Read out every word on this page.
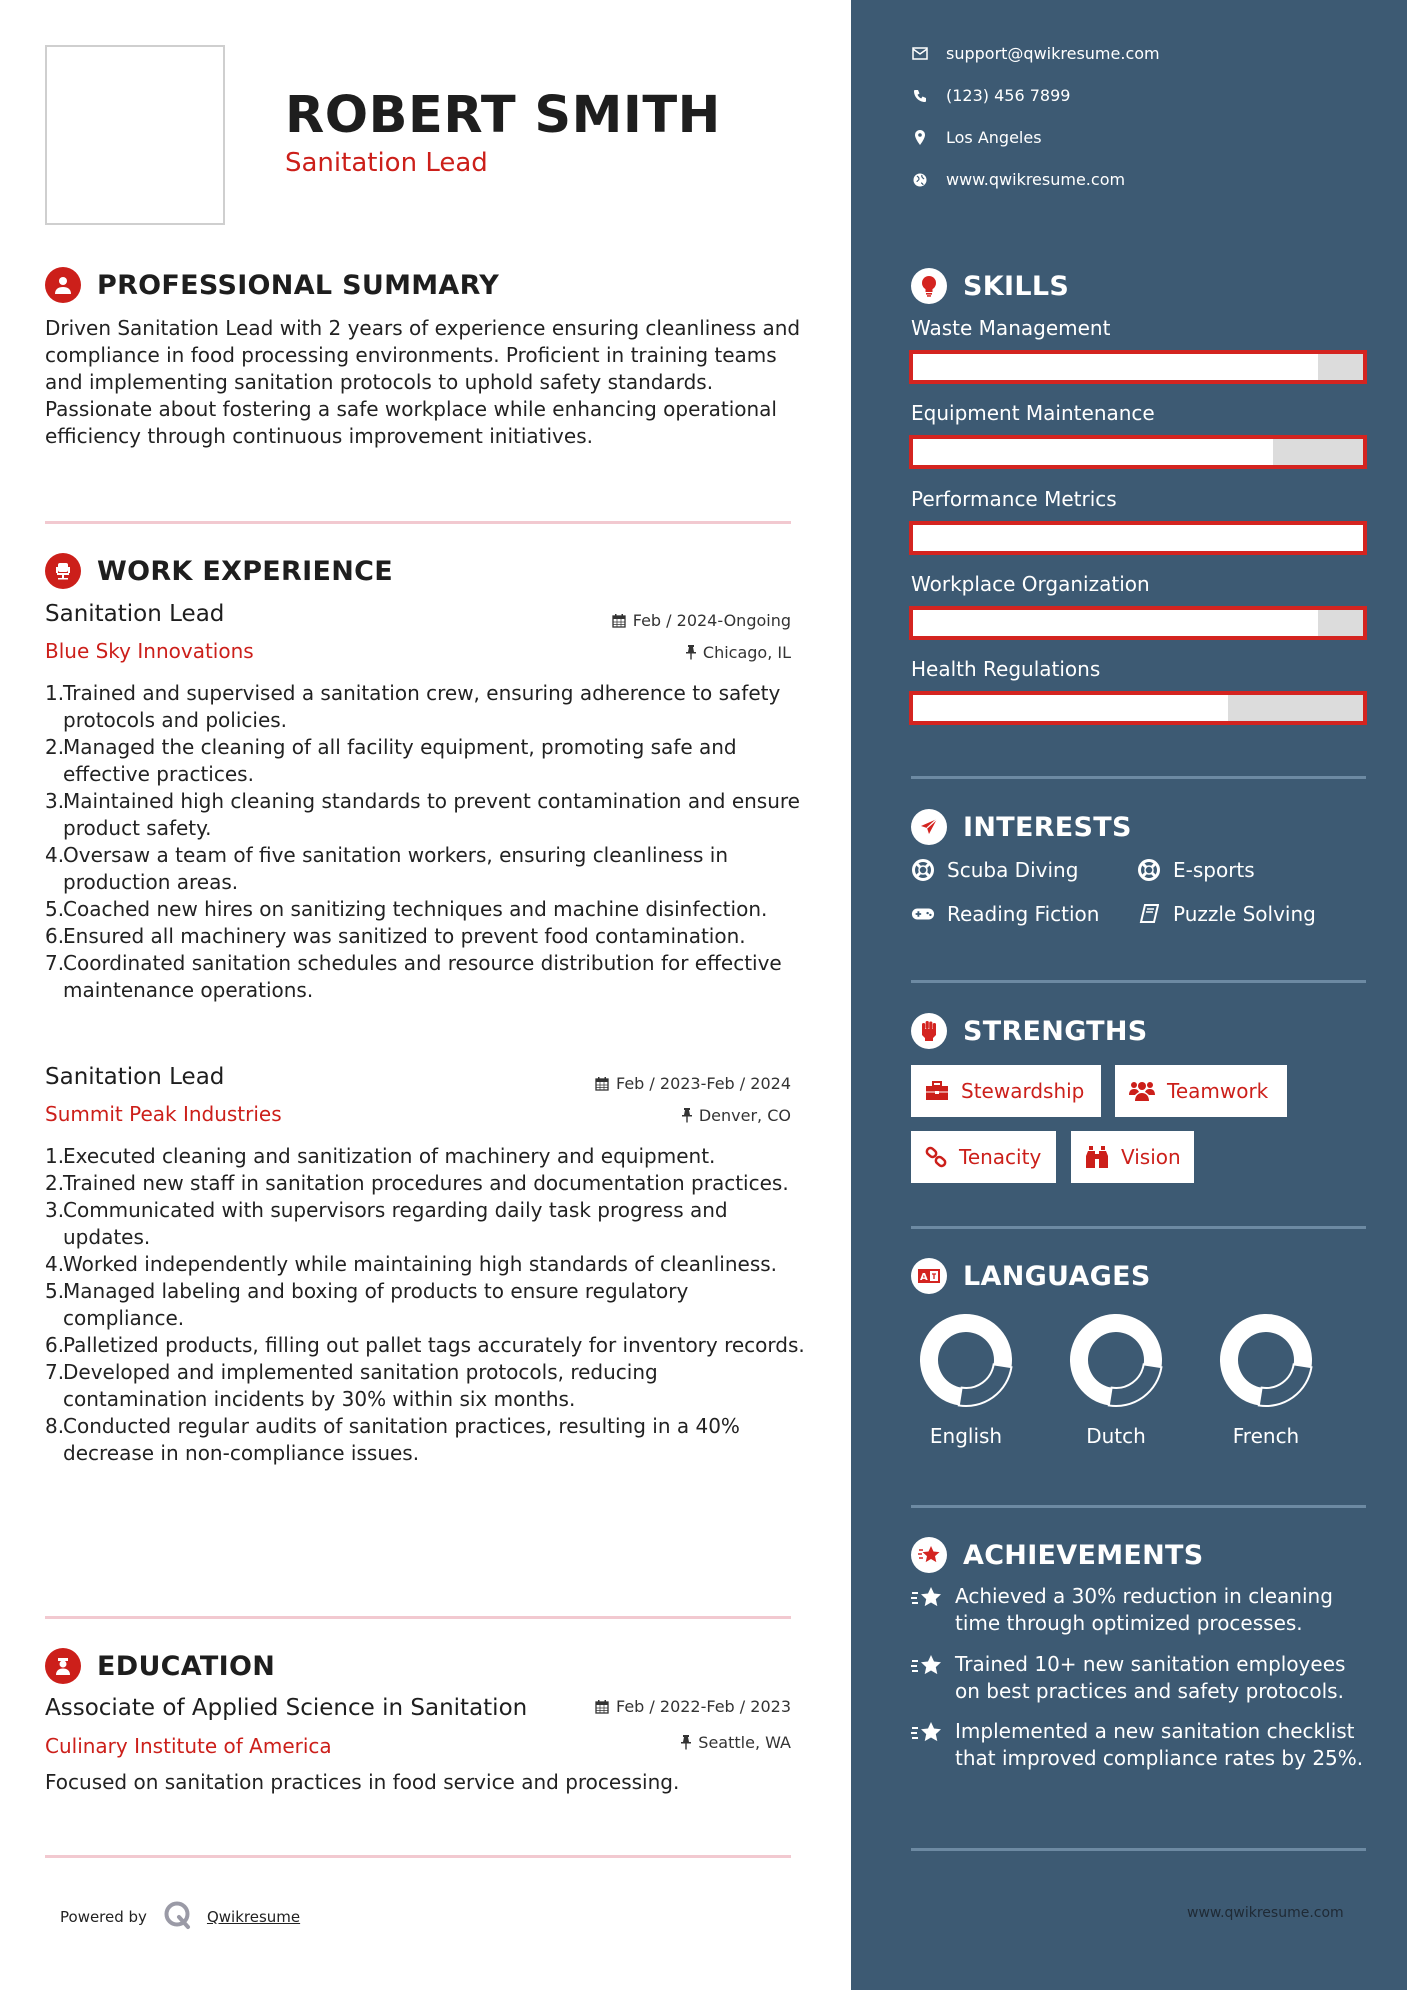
ROBERT SMITH
Sanitation Lead
PROFESSIONAL SUMMARY

Driven Sanitation Lead with 2 years of experience ensuring cleanliness and compliance in food processing environments. Proficient in training teams and implementing sanitation protocols to uphold safety standards. Passionate about fostering a safe workplace while enhancing operational efficiency through continuous improvement initiatives.

WORK EXPERIENCE
Sanitation Lead	Feb / 2024-Ongoing
Blue Sky Innovations	Chicago, IL
1.
Trained and supervised a sanitation crew, ensuring adherence to safety protocols and policies.
2.
Managed the cleaning of all facility equipment, promoting safe and effective practices.
3.
Maintained high cleaning standards to prevent contamination and ensure product safety.
4.
Oversaw a team of five sanitation workers, ensuring cleanliness in production areas.
5.
Coached new hires on sanitizing techniques and machine disinfection.
6.
Ensured all machinery was sanitized to prevent food contamination.
7.
Coordinated sanitation schedules and resource distribution for effective maintenance operations.
Sanitation Lead	Feb / 2023-Feb / 2024
Summit Peak Industries	Denver, CO
1.
Executed cleaning and sanitization of machinery and equipment.
2.
Trained new staff in sanitation procedures and documentation practices.
3.
Communicated with supervisors regarding daily task progress and updates.
4.
Worked independently while maintaining high standards of cleanliness.
5.
Managed labeling and boxing of products to ensure regulatory compliance.
6.
Palletized products, filling out pallet tags accurately for inventory records.
7.
Developed and implemented sanitation protocols, reducing contamination incidents by 30% within six months.
8.
Conducted regular audits of sanitation practices, resulting in a 40% decrease in non-compliance issues.
EDUCATION
Associate of Applied Science in Sanitation	Feb / 2022-Feb / 2023
Culinary Institute of America	Seattle, WA

Focused on sanitation practices in food service and processing.

Powered by	Qwikresume
support@qwikresume.com
(123) 456 7899
Los Angeles
www.qwikresume.com
SKILLS
Waste Management
Equipment Maintenance
Performance Metrics
Workplace Organization
Health Regulations
INTERESTS
Scuba Diving	E-sports
Reading Fiction	Puzzle Solving
STRENGTHS
Stewardship	Teamwork
Tenacity	Vision
A LANGUAGES
English	Dutch	French
ACHIEVEMENTS
Achieved a 30% reduction in cleaning time through optimized processes.
Trained 10+ new sanitation employees on best practices and safety protocols.
Implemented a new sanitation checklist that improved compliance rates by 25%.
www.qwikresume.com
